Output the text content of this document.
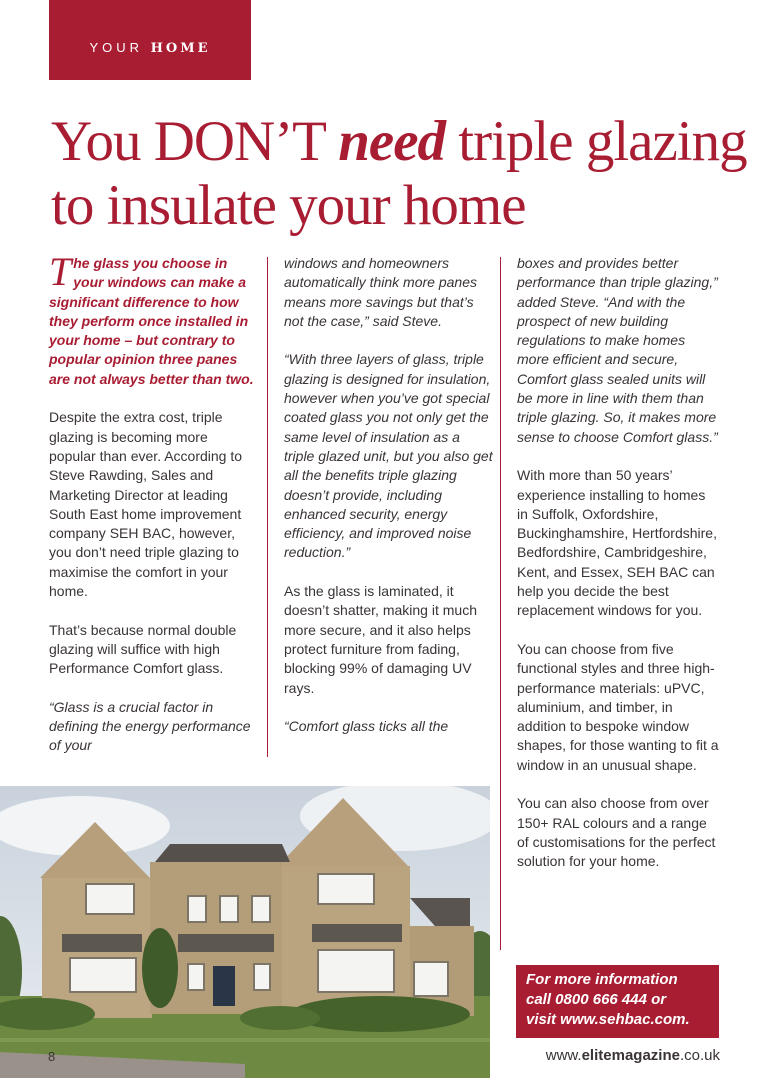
YOUR HOME
You DON’T need triple glazing to insulate your home

The glass you choose in your windows can make a significant difference to how they perform once installed in your home – but contrary to popular opinion three panes are not always better than two.

Despite the extra cost, triple glazing is becoming more popular than ever. According to Steve Rawding, Sales and Marketing Director at leading South East home improvement company SEH BAC, however, you don’t need triple glazing to maximise the comfort in your home.

That’s because normal double glazing will suffice with high Performance Comfort glass.

“Glass is a crucial factor in defining the energy performance of your

windows and homeowners automatically think more panes means more savings but that’s not the case,” said Steve.

“With three layers of glass, triple glazing is designed for insulation, however when you’ve got special coated glass you not only get the same level of insulation as a triple glazed unit, but you also get all the benefits triple glazing doesn’t provide, including enhanced security, energy efficiency, and improved noise reduction.”

As the glass is laminated, it doesn’t shatter, making it much more secure, and it also helps protect furniture from fading, blocking 99% of damaging UV rays.

“Comfort glass ticks all the

boxes and provides better performance than triple glazing,” added Steve. “And with the prospect of new building regulations to make homes more efficient and secure, Comfort glass sealed units will be more in line with them than triple glazing. So, it makes more sense to choose Comfort glass.”

With more than 50 years’ experience installing to homes in Suffolk, Oxfordshire, Buckinghamshire, Hertfordshire, Bedfordshire, Cambridgeshire, Kent, and Essex, SEH BAC can help you decide the best replacement windows for you.

You can choose from five functional styles and three high-performance materials: uPVC, aluminium, and timber, in addition to bespoke window shapes, for those wanting to fit a window in an unusual shape.

You can also choose from over 150+ RAL colours and a range of customisations for the perfect solution for your home.

For more information
call 0800 666 444 or
visit www.sehbac.com.
8	www.elitemagazine.co.uk
